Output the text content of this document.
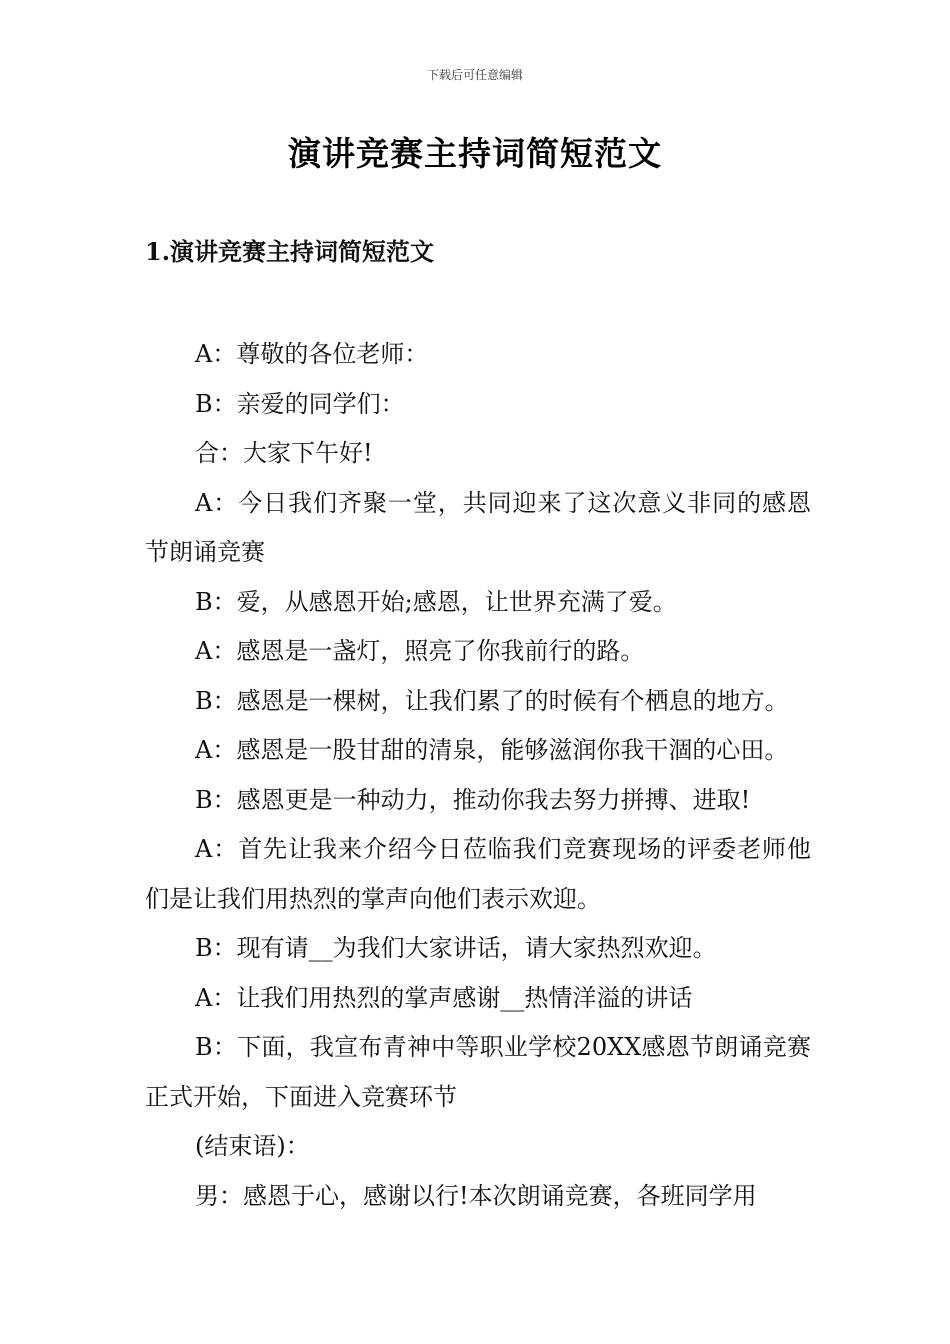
下载后可任意编辑
演讲竞赛主持词简短范文
1.演讲竞赛主持词简短范文

A：尊敬的各位老师：

B：亲爱的同学们：

合：大家下午好!

A：今日我们齐聚一堂，共同迎来了这次意义非同的感恩节朗诵竞赛

B：爱，从感恩开始;感恩，让世界充满了爱。

A：感恩是一盏灯，照亮了你我前行的路。

B：感恩是一棵树，让我们累了的时候有个栖息的地方。

A：感恩是一股甘甜的清泉，能够滋润你我干涸的心田。

B：感恩更是一种动力，推动你我去努力拼搏、进取!

A：首先让我来介绍今日莅临我们竞赛现场的评委老师他们是让我们用热烈的掌声向他们表示欢迎。

B：现有请__为我们大家讲话，请大家热烈欢迎。

A：让我们用热烈的掌声感谢__热情洋溢的讲话

B：下面，我宣布青神中等职业学校20XX感恩节朗诵竞赛正式开始，下面进入竞赛环节

(结束语)：

男：感恩于心，感谢以行!本次朗诵竞赛，各班同学用
